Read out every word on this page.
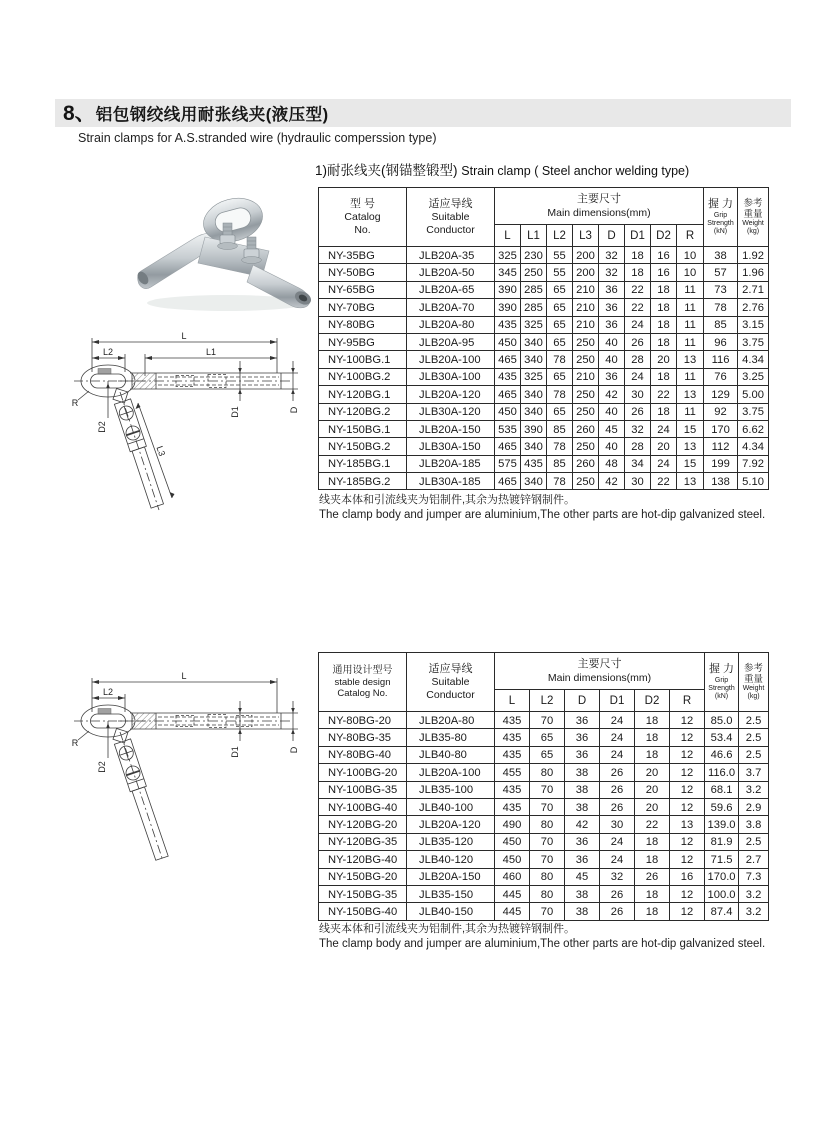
8、 铝包钢绞线用耐张线夹(液压型)
Strain clamps for A.S.stranded wire (hydraulic comperssion type)
1)耐张线夹(钢锚整锻型) Strain clamp ( Steel anchor welding type)
L
L2	L1
R
D2
D1	D
L3
L
L2
R
D2
D1	D
型 号
Catalog
No.

适应导线
Suitable
Conductor

主要尺寸
Main dimensions(mm)

握 力
Grip
Strength
(kN)

参考
重量
Weight
(kg)

		L	L1	L2	L3	D	D1	D2	R		
NY-35BG	JLB20A-35	325	230	55	200	32	18	16	10	38	1.92
NY-50BG	JLB20A-50	345	250	55	200	32	18	16	10	57	1.96
NY-65BG	JLB20A-65	390	285	65	210	36	22	18	11	73	2.71
NY-70BG	JLB20A-70	390	285	65	210	36	22	18	11	78	2.76
NY-80BG	JLB20A-80	435	325	65	210	36	24	18	11	85	3.15
NY-95BG	JLB20A-95	450	340	65	250	40	26	18	11	96	3.75
NY-100BG.1	JLB20A-100	465	340	78	250	40	28	20	13	116	4.34
NY-100BG.2	JLB30A-100	435	325	65	210	36	24	18	11	76	3.25
NY-120BG.1	JLB20A-120	465	340	78	250	42	30	22	13	129	5.00
NY-120BG.2	JLB30A-120	450	340	65	250	40	26	18	11	92	3.75
NY-150BG.1	JLB20A-150	535	390	85	260	45	32	24	15	170	6.62
NY-150BG.2	JLB30A-150	465	340	78	250	40	28	20	13	112	4.34
NY-185BG.1	JLB20A-185	575	435	85	260	48	34	24	15	199	7.92
NY-185BG.2	JLB30A-185	465	340	78	250	42	30	22	13	138	5.10
线夹本体和引流线夹为铝制件,其余为热镀锌钢制件。
The clamp body and jumper are aluminium,The other parts are hot-dip galvanized steel.
通用设计型号
stable design
Catalog No.

适应导线
Suitable
Conductor

主要尺寸
Main dimensions(mm)

握 力
Grip
Strength
(kN)

参考
重量
Weight
(kg)

		L	L2	D	D1	D2	R		
NY-80BG-20	JLB20A-80	435	70	36	24	18	12	85.0	2.5
NY-80BG-35	JLB35-80	435	65	36	24	18	12	53.4	2.5
NY-80BG-40	JLB40-80	435	65	36	24	18	12	46.6	2.5
NY-100BG-20	JLB20A-100	455	80	38	26	20	12	116.0	3.7
NY-100BG-35	JLB35-100	435	70	38	26	20	12	68.1	3.2
NY-100BG-40	JLB40-100	435	70	38	26	20	12	59.6	2.9
NY-120BG-20	JLB20A-120	490	80	42	30	22	13	139.0	3.8
NY-120BG-35	JLB35-120	450	70	36	24	18	12	81.9	2.5
NY-120BG-40	JLB40-120	450	70	36	24	18	12	71.5	2.7
NY-150BG-20	JLB20A-150	460	80	45	32	26	16	170.0	7.3
NY-150BG-35	JLB35-150	445	80	38	26	18	12	100.0	3.2
NY-150BG-40	JLB40-150	445	70	38	26	18	12	87.4	3.2
线夹本体和引流线夹为铝制件,其余为热镀锌钢制件。
The clamp body and jumper are aluminium,The other parts are hot-dip galvanized steel.
